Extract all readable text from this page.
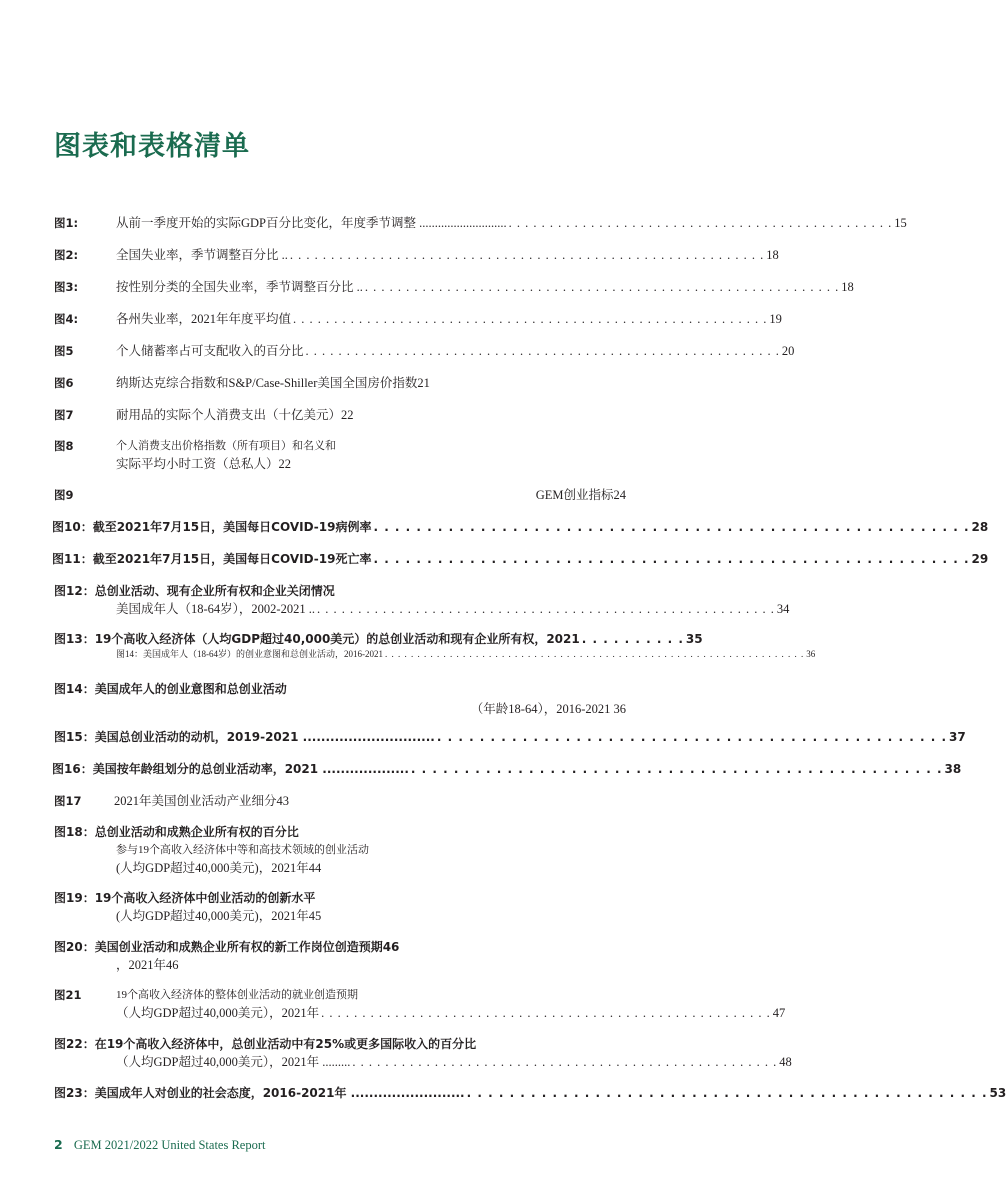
图表和表格清单
图1:	从前一季度开始的实际GDP百分比变化，年度季节调整 ............................ . . . . . . . . . . . . . . . . . . . . . . . . . . . . . . . . . . . . . . . . . . . . . . . 15
图2:	全国失业率，季节调整百分比 .. . . . . . . . . . . . . . . . . . . . . . . . . . . . . . . . . . . . . . . . . . . . . . . . . . . . . . . . . . . 18
图3:	按性别分类的全国失业率，季节调整百分比 .. . . . . . . . . . . . . . . . . . . . . . . . . . . . . . . . . . . . . . . . . . . . . . . . . . . . . . . . . . . 18
图4:	各州失业率，2021年年度平均值 . . . . . . . . . . . . . . . . . . . . . . . . . . . . . . . . . . . . . . . . . . . . . . . . . . . . . . . . . . 19
图5	个人储蓄率占可支配收入的百分比 . . . . . . . . . . . . . . . . . . . . . . . . . . . . . . . . . . . . . . . . . . . . . . . . . . . . . . . . . . 20
图6	纳斯达克综合指数和S&P/Case-Shiller美国全国房价指数21
图7	耐用品的实际个人消费支出（十亿美元）22
图8	个人消费支出价格指数（所有项目）和名义和
实际平均小时工资（总私人）22
图9	GEM创业指标24
图10：截至2021年7月15日，美国每日COVID-19病例率 . . . . . . . . . . . . . . . . . . . . . . . . . . . . . . . . . . . . . . . . . . . . . . . . . . . . . . . . 28
图11：截至2021年7月15日，美国每日COVID-19死亡率 . . . . . . . . . . . . . . . . . . . . . . . . . . . . . . . . . . . . . . . . . . . . . . . . . . . . . . . . 29
图12：总创业活动、现有企业所有权和企业关闭情况
美国成年人（18-64岁），2002-2021 .. . . . . . . . . . . . . . . . . . . . . . . . . . . . . . . . . . . . . . . . . . . . . . . . . . . . . . . . . 34
图13：19个高收入经济体（人均GDP超过40,000美元）的总创业活动和现有企业所有权，2021 . . . . . . . . . . 35
图14：美国成年人（18-64岁）的创业意图和总创业活动，2016-2021 . . . . . . . . . . . . . . . . . . . . . . . . . . . . . . . . . . . . . . . . . . . . . . . . . . . . . . . . . . . . . . . . . 36
图14：美国成年人的创业意图和总创业活动
（年龄18-64），2016-2021 36
图15：美国总创业活动的动机，2019-2021 ............................. . . . . . . . . . . . . . . . . . . . . . . . . . . . . . . . . . . . . . . . . . . . . . . . . 37
图16：美国按年龄组划分的总创业活动率，2021 ................... . . . . . . . . . . . . . . . . . . . . . . . . . . . . . . . . . . . . . . . . . . . . . . . . . . 38
图17	2021年美国创业活动产业细分43
图18：总创业活动和成熟企业所有权的百分比
参与19个高收入经济体中等和高技术领域的创业活动
(人均GDP超过40,000美元)，2021年44
图19：19个高收入经济体中创业活动的创新水平
(人均GDP超过40,000美元)，2021年45
图20：美国创业活动和成熟企业所有权的新工作岗位创造预期46
，2021年46
图21	19个高收入经济体的整体创业活动的就业创造预期
（人均GDP超过40,000美元），2021年 . . . . . . . . . . . . . . . . . . . . . . . . . . . . . . . . . . . . . . . . . . . . . . . . . . . . . . . 47
图22：在19个高收入经济体中，总创业活动中有25%或更多国际收入的百分比
（人均GDP超过40,000美元），2021年 ......... . . . . . . . . . . . . . . . . . . . . . . . . . . . . . . . . . . . . . . . . . . . . . . . . . . . . 48
图23：美国成年人对创业的社会态度，2016-2021年 ......................... . . . . . . . . . . . . . . . . . . . . . . . . . . . . . . . . . . . . . . . . . . . . . . . . . 53
2 GEM 2021/2022 United States Report
